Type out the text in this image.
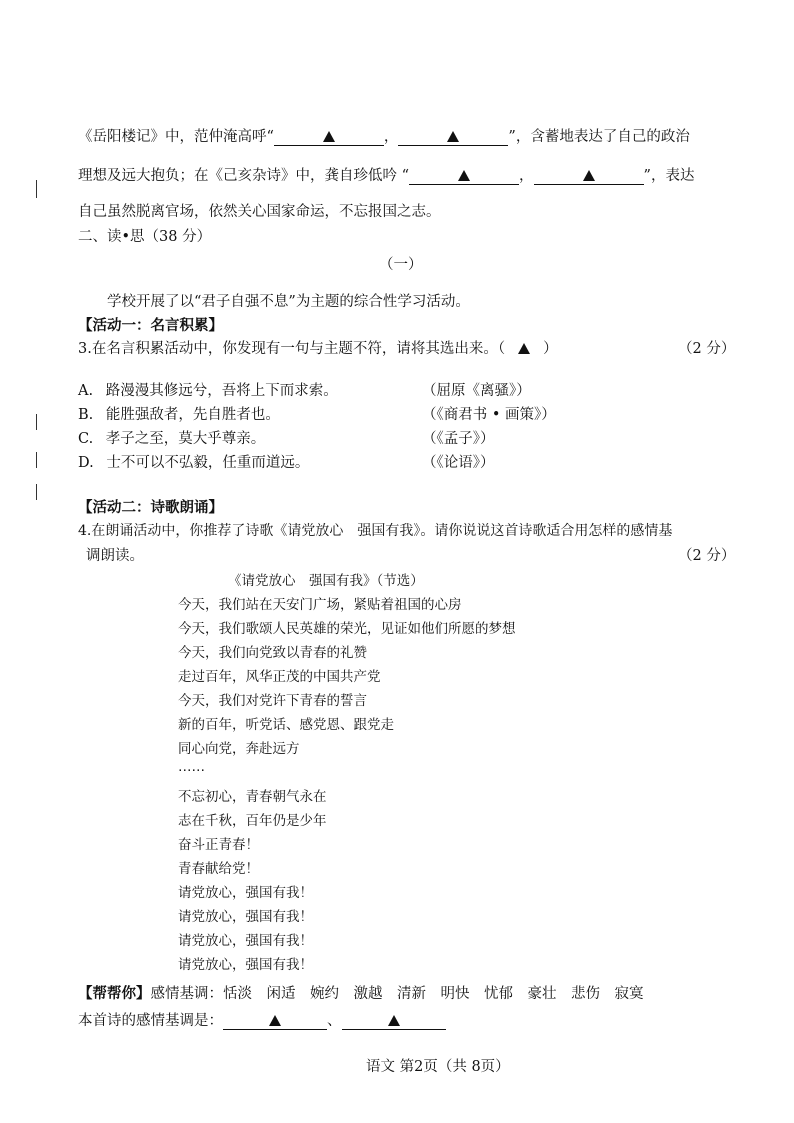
《岳阳楼记》中，范仲淹高呼“	，	”，含蓄地表达了自己的政治
理想及远大抱负；在《己亥杂诗》中，龚自珍低吟 “	，	”，表达
自己虽然脱离官场，依然关心国家命运，不忘报国之志。
二、读•思（38 分）
（一）
学校开展了以“君子自强不息”为主题的综合性学习活动。
【活动一：名言积累】
3.在名言积累活动中，你发现有一句与主题不符，请将其选出来。（	）	（2 分）
A. 路漫漫其修远兮，吾将上下而求索。	（屈原《离骚》）
B. 能胜强敌者，先自胜者也。	（《商君书 • 画策》）
C. 孝子之至，莫大乎尊亲。	（《孟子》）
D. 士不可以不弘毅，任重而道远。	（《论语》）
【活动二：诗歌朗诵】
4.在朗诵活动中，你推荐了诗歌《请党放心　强国有我》。请你说说这首诗歌适合用怎样的感情基
调朗读。	（2 分）
《请党放心　强国有我》（节选）
今天，我们站在天安门广场，紧贴着祖国的心房
今天，我们歌颂人民英雄的荣光，见证如他们所愿的梦想
今天，我们向党致以青春的礼赞
走过百年，风华正茂的中国共产党
今天，我们对党许下青春的誓言
新的百年，听党话、感党恩、跟党走
同心向党，奔赴远方
……
不忘初心，青春朝气永在
志在千秋，百年仍是少年
奋斗正青春！
青春献给党！
请党放心，强国有我！
请党放心，强国有我！
请党放心，强国有我！
请党放心，强国有我！
【帮帮你】感情基调：恬淡　闲适　婉约　激越　清新　明快　忧郁　豪壮　悲伤　寂寞
本首诗的感情基调是：	、
语文 第2页（共 8页）
